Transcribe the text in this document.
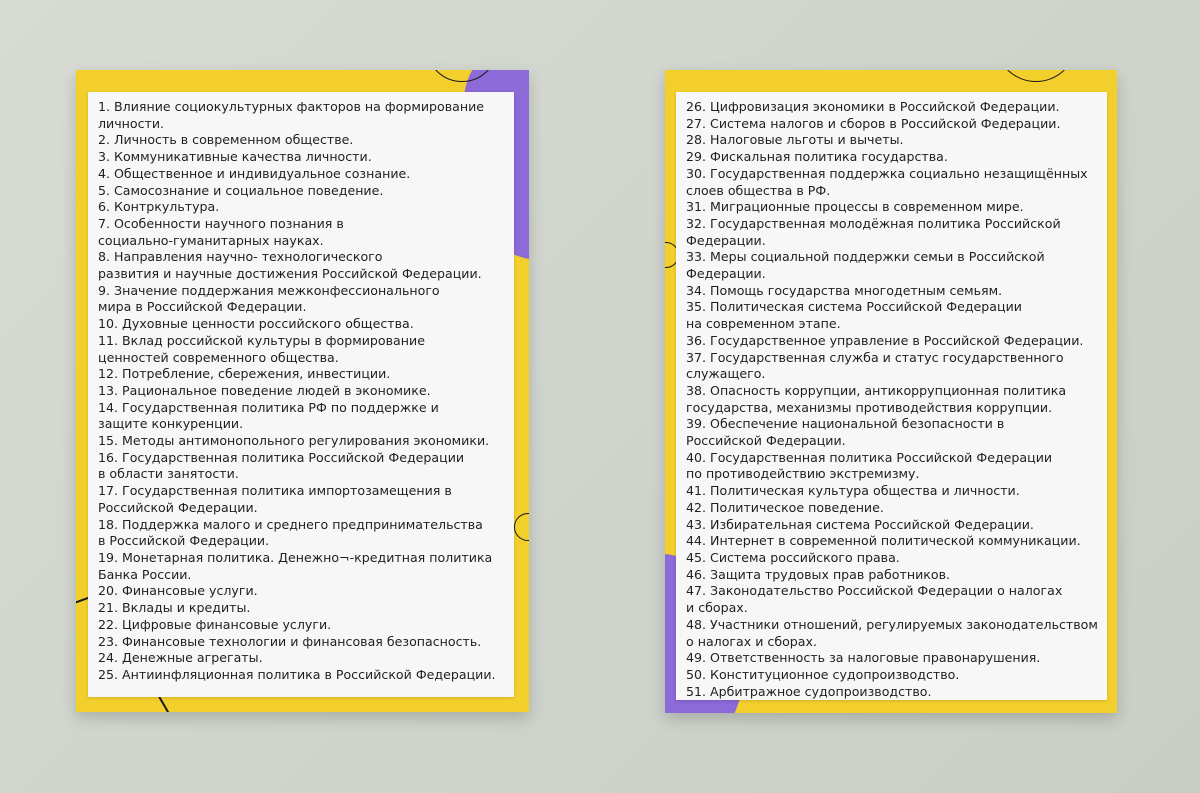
1. Влияние социокультурных факторов на формирование
личности.
2. Личность в современном обществе.
3. Коммуникативные качества личности.
4. Общественное и индивидуальное сознание.
5. Самосознание и социальное поведение.
6. Контркультура.
7. Особенности научного познания в
социально-гуманитарных науках.
8. Направления научно- технологического
развития и научные достижения Российской Федерации.
9. Значение поддержания межконфессионального
мира в Российской Федерации.
10. Духовные ценности российского общества.
11. Вклад российской культуры в формирование
ценностей современного общества.
12. Потребление, сбережения, инвестиции.
13. Рациональное поведение людей в экономике.
14. Государственная политика РФ по поддержке и
защите конкуренции.
15. Методы антимонопольного регулирования экономики.
16. Государственная политика Российской Федерации
в области занятости.
17. Государственная политика импортозамещения в
Российской Федерации.
18. Поддержка малого и среднего предпринимательства
в Российской Федерации.
19. Монетарная политика. Денежно¬-кредитная политика
Банка России.
20. Финансовые услуги.
21. Вклады и кредиты.
22. Цифровые финансовые услуги.
23. Финансовые технологии и финансовая безопасность.
24. Денежные агрегаты.
25. Антиинфляционная политика в Российской Федерации.
26. Цифровизация экономики в Российской Федерации.
27. Система налогов и сборов в Российской Федерации.
28. Налоговые льготы и вычеты.
29. Фискальная политика государства.
30. Государственная поддержка социально незащищённых
слоев общества в РФ.
31. Миграционные процессы в современном мире.
32. Государственная молодёжная политика Российской
Федерации.
33. Меры социальной поддержки семьи в Российской
Федерации.
34. Помощь государства многодетным семьям.
35. Политическая система Российской Федерации
на современном этапе.
36. Государственное управление в Российской Федерации.
37. Государственная служба и статус государственного
служащего.
38. Опасность коррупции, антикоррупционная политика
государства, механизмы противодействия коррупции.
39. Обеспечение национальной безопасности в
Российской Федерации.
40. Государственная политика Российской Федерации
по противодействию экстремизму.
41. Политическая культура общества и личности.
42. Политическое поведение.
43. Избирательная система Российской Федерации.
44. Интернет в современной политической коммуникации.
45. Система российского права.
46. Защита трудовых прав работников.
47. Законодательство Российской Федерации о налогах
и сборах.
48. Участники отношений, регулируемых законодательством
о налогах и сборах.
49. Ответственность за налоговые правонарушения.
50. Конституционное судопроизводство.
51. Арбитражное судопроизводство.
